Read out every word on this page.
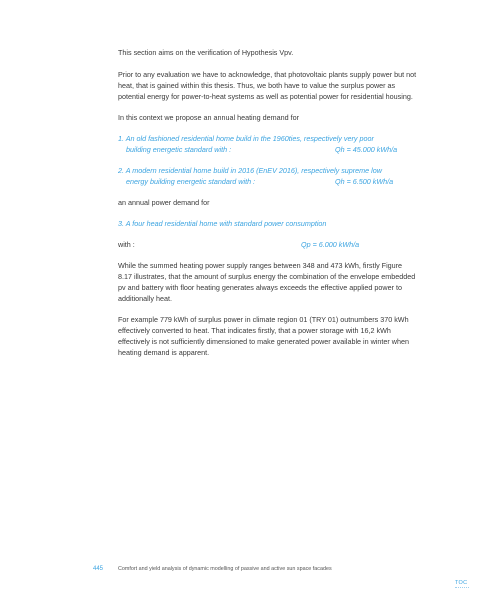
This section aims on the verification of Hypothesis Vpv.

Prior to any evaluation we have to acknowledge, that photovoltaic plants supply power but not heat, that is gained within this thesis. Thus, we both have to value the surplus power as potential energy for power-to-heat systems as well as potential power for residential housing.

In this context we propose an annual heating demand for

1. An old fashioned residential home build in the 1960ties, respectively very poor
building energetic standard with :	Qh = 45.000 kWh/a
2. A modern residential home build in 2016 (EnEV 2016), respectively supreme low
energy building energetic standard with :	Qh = 6.500 kWh/a

an annual power demand for

3. A four head residential home with standard power consumption
with :	Qp = 6.000 kWh/a

While the summed heating power supply ranges between 348 and 473 kWh, firstly Figure 8.17 illustrates, that the amount of surplus energy the combination of the envelope embedded pv and battery with floor heating generates always exceeds the effective applied power to additionally heat.

For example 779 kWh of surplus power in climate region 01 (TRY 01) outnumbers 370 kWh effectively converted to heat. That indicates firstly, that a power storage with 16,2 kWh effectively is not sufficiently dimensioned to make generated power available in winter when heating demand is apparent.

445	Comfort and yield analysis of dynamic modelling of passive and active sun space facades
TOC
